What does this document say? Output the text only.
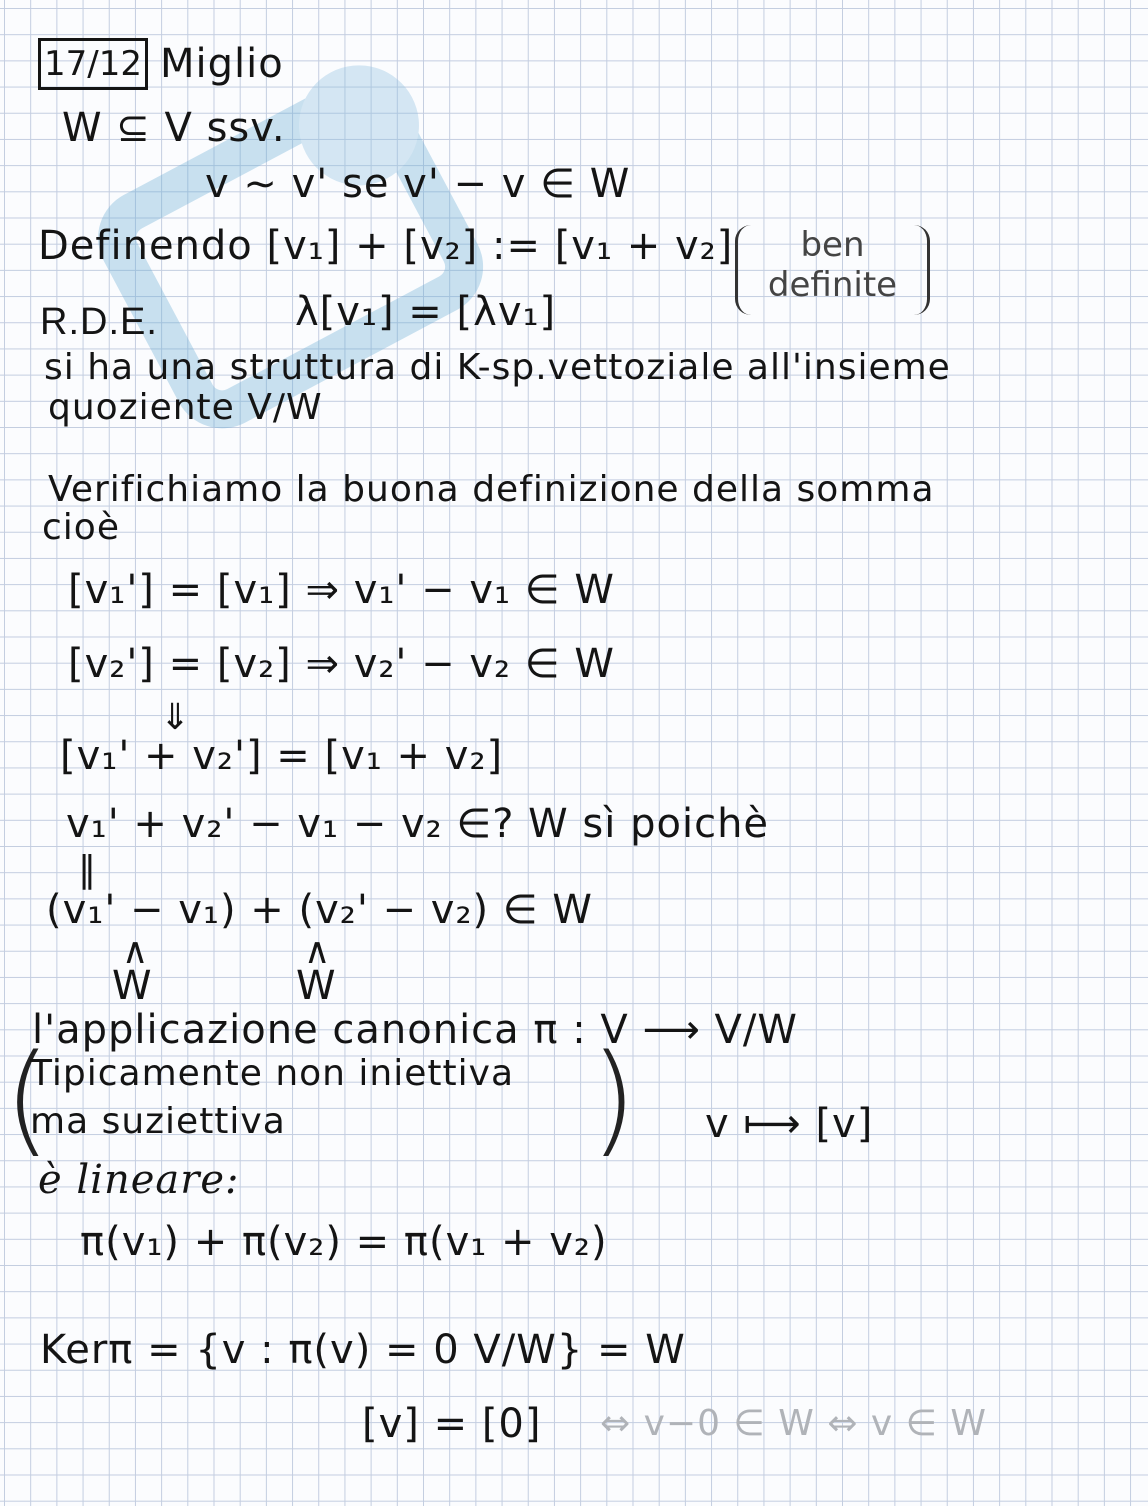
17/12 Miglio
W ⊆ V ssv.
v ∼ v' se v' − v ∈ W
Definendo [v₁] + [v₂] := [v₁ + v₂]
R.D.E.	λ[v₁] = [λv₁]
ben
definite
si ha una struttura di K-sp.vettoziale all'insieme
quoziente V/W
Verifichiamo la buona definizione della somma
cioè
[v₁'] = [v₁] ⇒ v₁' − v₁ ∈ W
[v₂'] = [v₂] ⇒ v₂' − v₂ ∈ W
⇓
[v₁' + v₂'] = [v₁ + v₂]
v₁' + v₂' − v₁ − v₂ ∈? W sì poichè
‖
(v₁' − v₁) + (v₂' − v₂) ∈ W
∧	∧
W	W
l'applicazione canonica π : V ⟶ V/W
(
Tipicamente non iniettiva
ma suziettiva	) v ⟼ [v]
è lineare:
π(v₁) + π(v₂) = π(v₁ + v₂)
Kerπ = {v : π(v) = 0 V/W} = W
[v] = [0] ⇔ v−0 ∈ W ⇔ v ∈ W
